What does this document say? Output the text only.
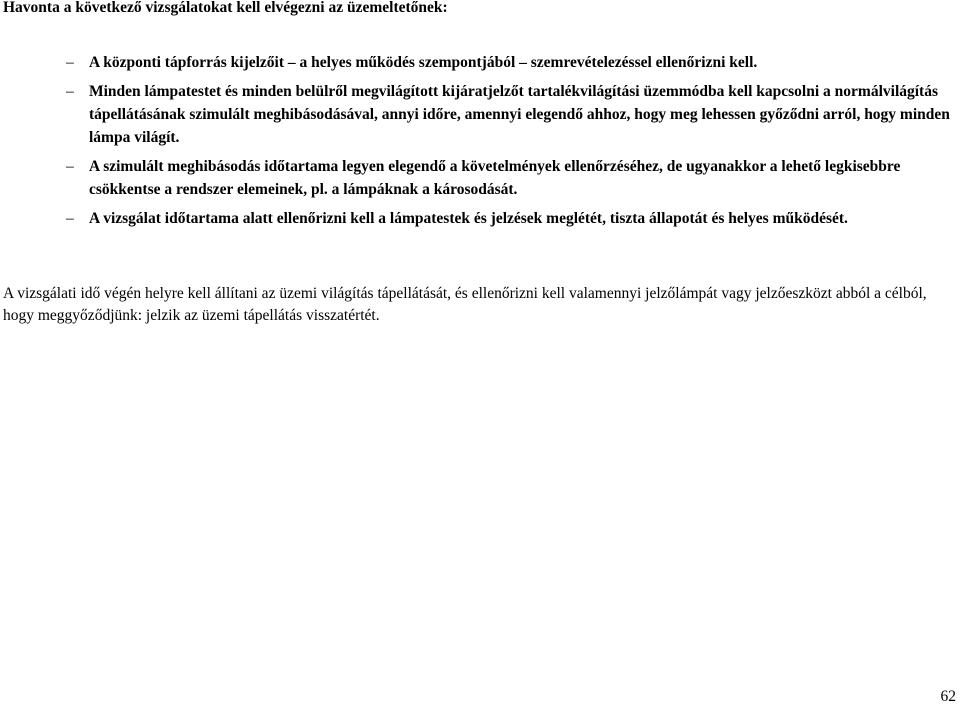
Havonta a következő vizsgálatokat kell elvégezni az üzemeltetőnek:
– A központi tápforrás kijelzőit – a helyes működés szempontjából – szemrevételezéssel ellenőrizni kell.
– Minden lámpatestet és minden belülről megvilágított kijáratjelzőt tartalékvilágítási üzemmódba kell kapcsolni a normálvilágítás tápellátásának szimulált meghibásodásával, annyi időre, amennyi elegendő ahhoz, hogy meg lehessen győződni arról, hogy minden lámpa világít.
– A szimulált meghibásodás időtartama legyen elegendő a követelmények ellenőrzéséhez, de ugyanakkor a lehető legkisebbre csökkentse a rendszer elemeinek, pl. a lámpáknak a károsodását.
– A vizsgálat időtartama alatt ellenőrizni kell a lámpatestek és jelzések meglétét, tiszta állapotát és helyes működését.

A vizsgálati idő végén helyre kell állítani az üzemi világítás tápellátását, és ellenőrizni kell valamennyi jelzőlámpát vagy jelzőeszközt abból a célból, hogy meggyőződjünk: jelzik az üzemi tápellátás visszatértét.

62
